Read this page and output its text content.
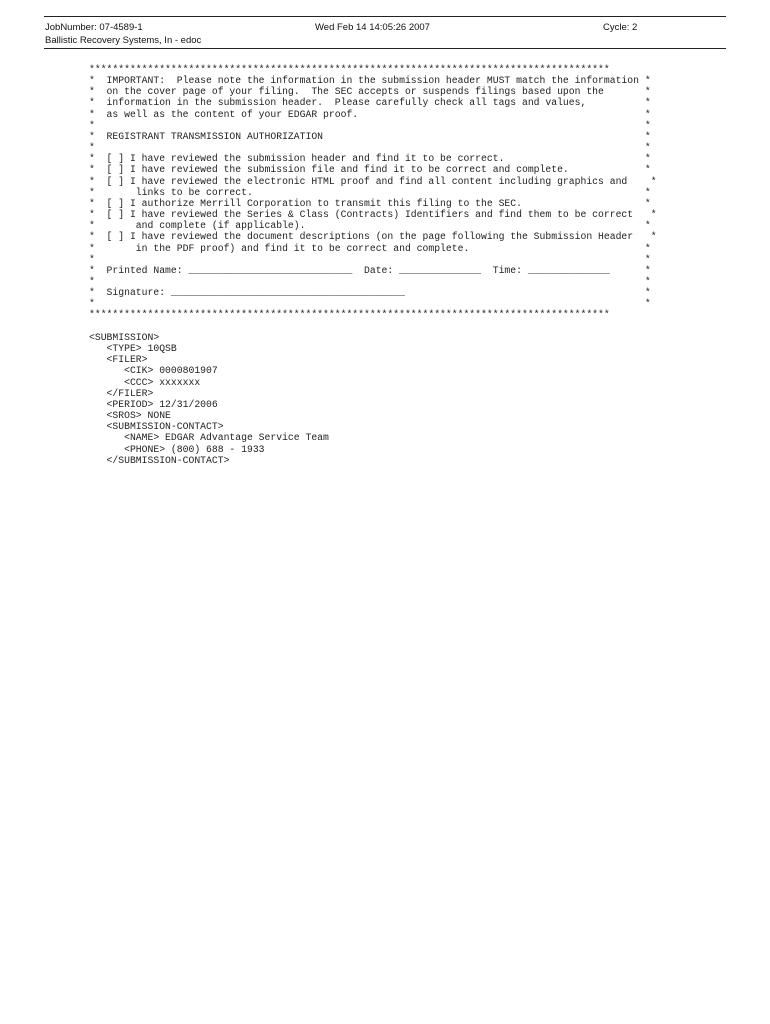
JobNumber: 07-4589-1	Wed Feb 14 14:05:26 2007	Cycle: 2
Ballistic Recovery Systems, In - edoc
*****************************************************************************************
*  IMPORTANT:  Please note the information in the submission header MUST match the information *
*  on the cover page of your filing.  The SEC accepts or suspends filings based upon the       *
*  information in the submission header.  Please carefully check all tags and values,          *
*  as well as the content of your EDGAR proof.                                                 *
*                                                                                              *
*  REGISTRANT TRANSMISSION AUTHORIZATION                                                       *
*                                                                                              *
*  [ ] I have reviewed the submission header and find it to be correct.                        *
*  [ ] I have reviewed the submission file and find it to be correct and complete.             *
*  [ ] I have reviewed the electronic HTML proof and find all content including graphics and    *
*       links to be correct.                                                                   *
*  [ ] I authorize Merrill Corporation to transmit this filing to the SEC.                     *
*  [ ] I have reviewed the Series & Class (Contracts) Identifiers and find them to be correct   *
*       and complete (if applicable).                                                          *
*  [ ] I have reviewed the document descriptions (on the page following the Submission Header   *
*       in the PDF proof) and find it to be correct and complete.                              *
*                                                                                              *
*  Printed Name: ____________________________  Date: ______________  Time: ______________      *
*                                                                                              *
*  Signature: ________________________________________                                         *
*                                                                                              *
*****************************************************************************************
<SUBMISSION>
<TYPE> 10QSB
<FILER>
<CIK> 0000801907
<CCC> xxxxxxx
</FILER>
<PERIOD> 12/31/2006
<SROS> NONE
<SUBMISSION-CONTACT>
<NAME> EDGAR Advantage Service Team
<PHONE> (800) 688 - 1933
</SUBMISSION-CONTACT>
